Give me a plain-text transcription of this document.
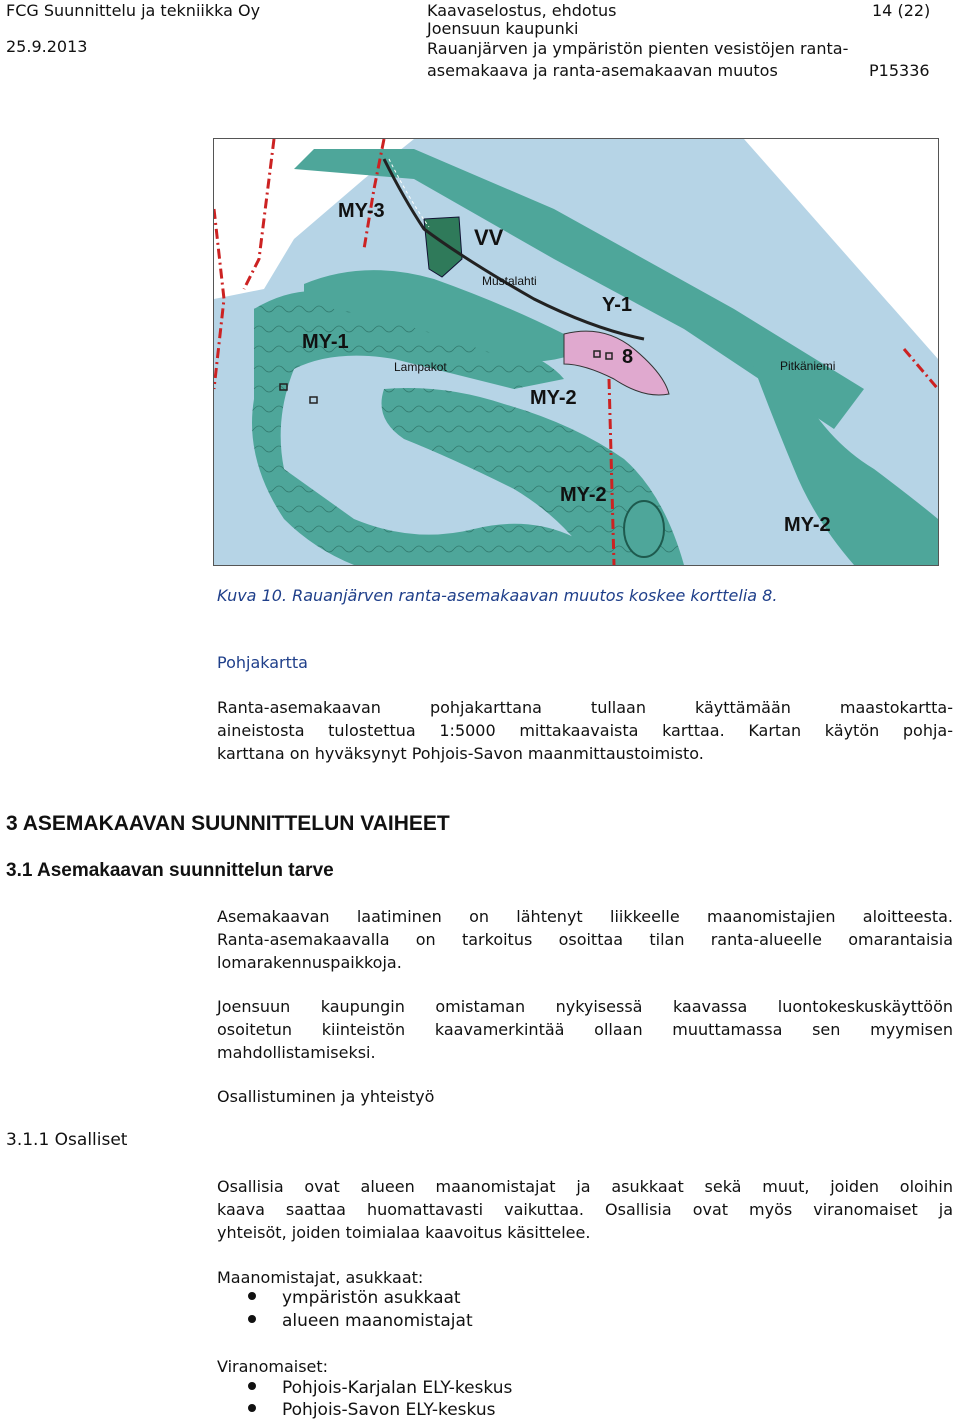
FCG Suunnittelu ja tekniikka Oy
25.9.2013
Kaavaselostus, ehdotus
Joensuun kaupunki
Rauanjärven ja ympäristön pienten vesistöjen ranta-
asemakaava ja ranta-asemakaavan muutos	P15336
14 (22)
MY-3
VV
Mustalahti
Y-1
MY-1
8
Lampakot	Pitkäniemi
MY-2
MY-2
MY-2
Kuva 10. Rauanjärven ranta-asemakaavan muutos koskee korttelia 8.
Pohjakartta
Ranta-asemakaavan pohjakarttana tullaan käyttämään maastokartta-
aineistosta tulostettua 1:5000 mittakaavaista karttaa. Kartan käytön pohja-
karttana on hyväksynyt Pohjois-Savon maanmittaustoimisto.
3 ASEMAKAAVAN SUUNNITTELUN VAIHEET
3.1 Asemakaavan suunnittelun tarve
Asemakaavan laatiminen on lähtenyt liikkeelle maanomistajien aloitteesta.
Ranta-asemakaavalla on tarkoitus osoittaa tilan ranta-alueelle omarantaisia
lomarakennuspaikkoja.
Joensuun kaupungin omistaman nykyisessä kaavassa luontokeskuskäyttöön
osoitetun kiinteistön kaavamerkintää ollaan muuttamassa sen myymisen
mahdollistamiseksi.
Osallistuminen ja yhteistyö
3.1.1 Osalliset
Osallisia ovat alueen maanomistajat ja asukkaat sekä muut, joiden oloihin
kaava saattaa huomattavasti vaikuttaa. Osallisia ovat myös viranomaiset ja
yhteisöt, joiden toimialaa kaavoitus käsittelee.
Maanomistajat, asukkaat:
ympäristön asukkaat
alueen maanomistajat
Viranomaiset:
Pohjois-Karjalan ELY-keskus
Pohjois-Savon ELY-keskus
